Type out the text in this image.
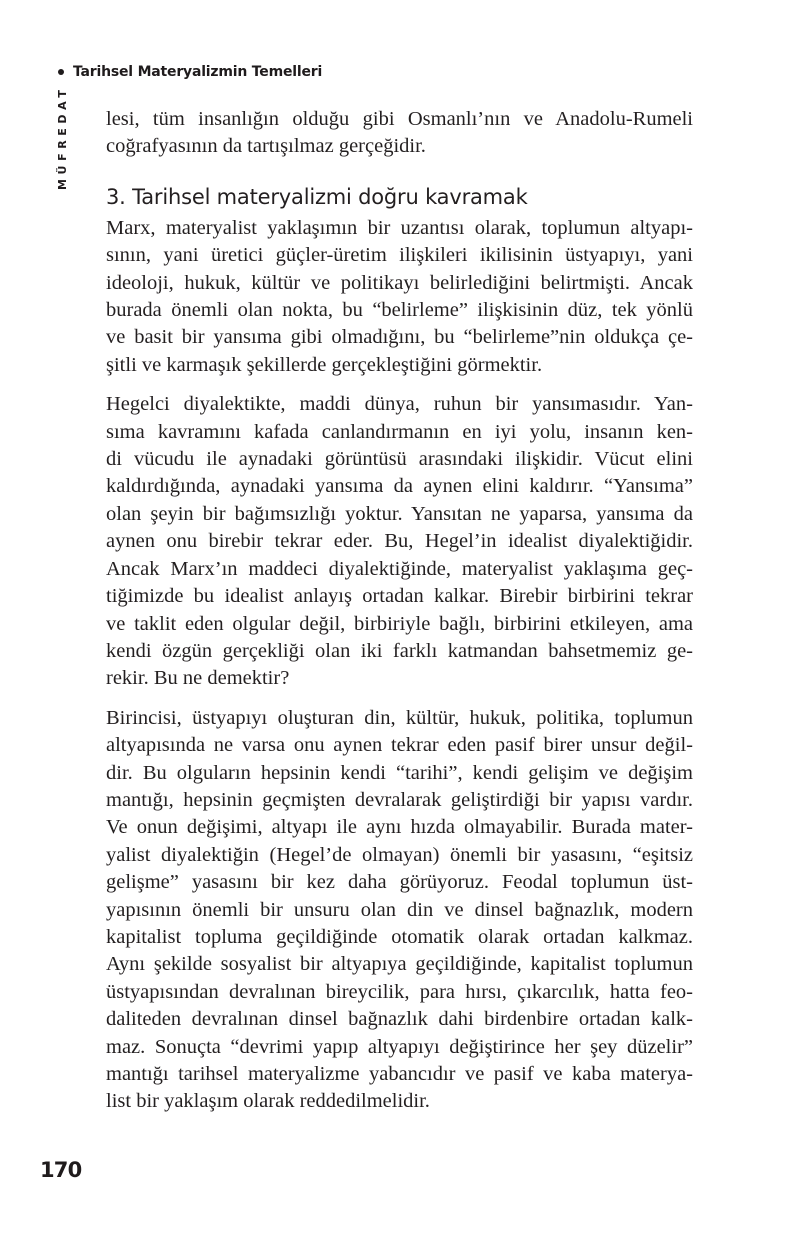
Tarihsel Materyalizmin Temelleri
MÜFREDAT lesi, tüm insanlığın olduğu gibi Osmanlı’nın ve Anadolu-Rumeli
coğrafyasının da tartışılmaz gerçeğidir.

3. Tarihsel materyalizmi doğru kavramak

Marx, materyalist yaklaşımın bir uzantısı olarak, toplumun altyapı-
sının, yani üretici güçler-üretim ilişkileri ikilisinin üstyapıyı, yani
ideoloji, hukuk, kültür ve politikayı belirlediğini belirtmişti. Ancak
burada önemli olan nokta, bu “belirleme” ilişkisinin düz, tek yönlü
ve basit bir yansıma gibi olmadığını, bu “belirleme”nin oldukça çe-
şitli ve karmaşık şekillerde gerçekleştiğini görmektir.

Hegelci diyalektikte, maddi dünya, ruhun bir yansımasıdır. Yan-
sıma kavramını kafada canlandırmanın en iyi yolu, insanın ken-
di vücudu ile aynadaki görüntüsü arasındaki ilişkidir. Vücut elini
kaldırdığında, aynadaki yansıma da aynen elini kaldırır. “Yansıma”
olan şeyin bir bağımsızlığı yoktur. Yansıtan ne yaparsa, yansıma da
aynen onu birebir tekrar eder. Bu, Hegel’in idealist diyalektiğidir.
Ancak Marx’ın maddeci diyalektiğinde, materyalist yaklaşıma geç-
tiğimizde bu idealist anlayış ortadan kalkar. Birebir birbirini tekrar
ve taklit eden olgular değil, birbiriyle bağlı, birbirini etkileyen, ama
kendi özgün gerçekliği olan iki farklı katmandan bahsetmemiz ge-
rekir. Bu ne demektir?

Birincisi, üstyapıyı oluşturan din, kültür, hukuk, politika, toplumun
altyapısında ne varsa onu aynen tekrar eden pasif birer unsur değil-
dir. Bu olguların hepsinin kendi “tarihi”, kendi gelişim ve değişim
mantığı, hepsinin geçmişten devralarak geliştirdiği bir yapısı vardır.
Ve onun değişimi, altyapı ile aynı hızda olmayabilir. Burada mater-
yalist diyalektiğin (Hegel’de olmayan) önemli bir yasasını, “eşitsiz
gelişme” yasasını bir kez daha görüyoruz. Feodal toplumun üst-
yapısının önemli bir unsuru olan din ve dinsel bağnazlık, modern
kapitalist topluma geçildiğinde otomatik olarak ortadan kalkmaz.
Aynı şekilde sosyalist bir altyapıya geçildiğinde, kapitalist toplumun
üstyapısından devralınan bireycilik, para hırsı, çıkarcılık, hatta feo-
daliteden devralınan dinsel bağnazlık dahi birdenbire ortadan kalk-
maz. Sonuçta “devrimi yapıp altyapıyı değiştirince her şey düzelir”
mantığı tarihsel materyalizme yabancıdır ve pasif ve kaba materya-
list bir yaklaşım olarak reddedilmelidir.

170
